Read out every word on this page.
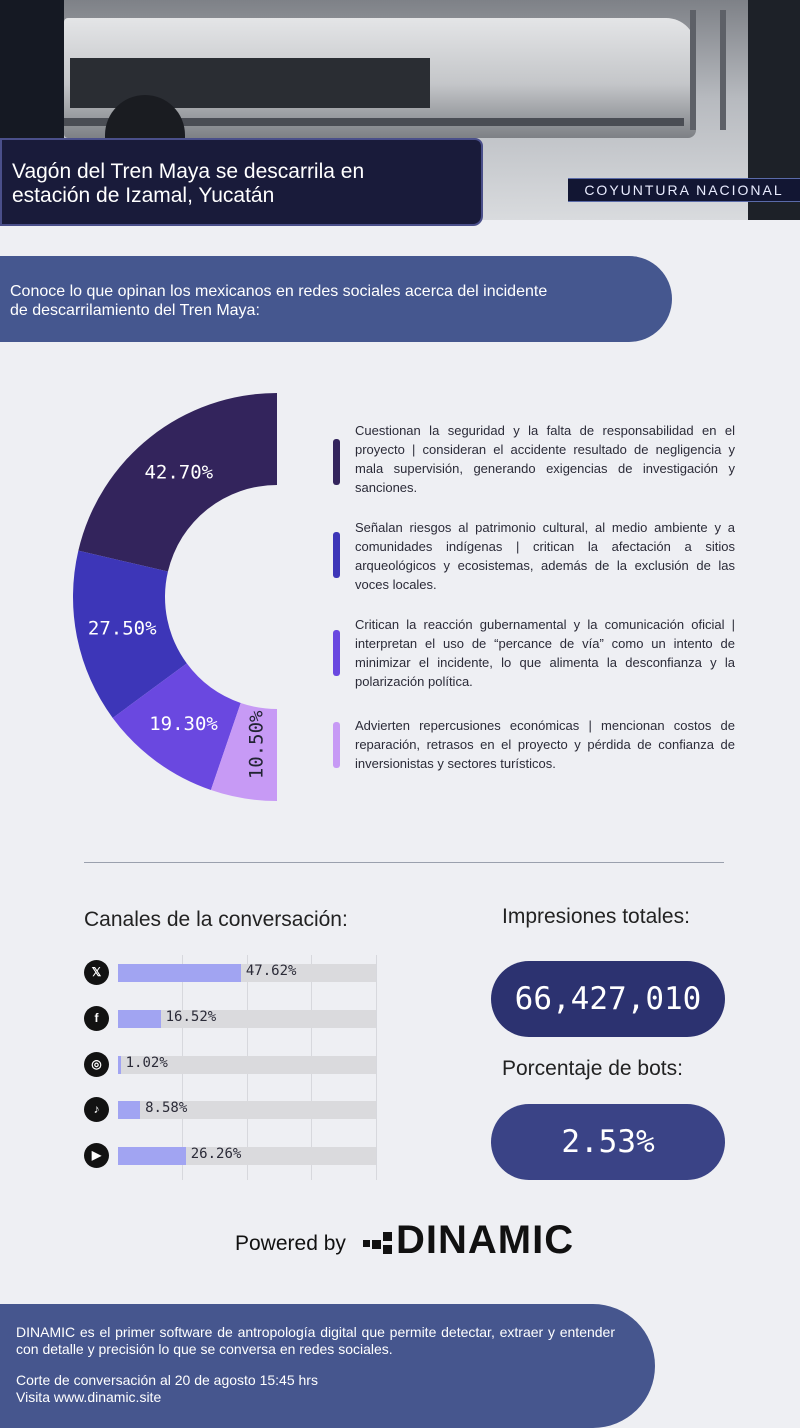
Vagón del Tren Maya se descarrila en
estación de Izamal, Yucatán	COYUNTURA NACIONAL
Conoce lo que opinan los mexicanos en redes sociales acerca del incidente
de descarrilamiento del Tren Maya:
42.70%
27.50%
19.30% 10.50%
Cuestionan la seguridad y la falta de responsabilidad en el proyecto | consideran el accidente resultado de negligencia y mala supervisión, generando exigencias de investigación y sanciones.
Señalan riesgos al patrimonio cultural, al medio ambiente y a comunidades indígenas | critican la afectación a sitios arqueológicos y ecosistemas, además de la exclusión de las voces locales.
Critican la reacción gubernamental y la comunicación oficial | interpretan el uso de “percance de vía” como un intento de minimizar el incidente, lo que alimenta la desconfianza y la polarización política.
Advierten repercusiones económicas | mencionan costos de reparación, retrasos en el proyecto y pérdida de confianza de inversionistas y sectores turísticos.
Canales de la conversación:	Impresiones totales:
𝕏	47.62%
f	16.52%
◎	1.02%
♪	8.58%
▶	26.26%
66,427,010
Porcentaje de bots:
2.53%
Powered by DINAMIC
DINAMIC es el primer software de antropología digital que permite detectar, extraer y entender con detalle y precisión lo que se conversa en redes sociales.
Corte de conversación al 20 de agosto 15:45 hrs
Visita www.dinamic.site
